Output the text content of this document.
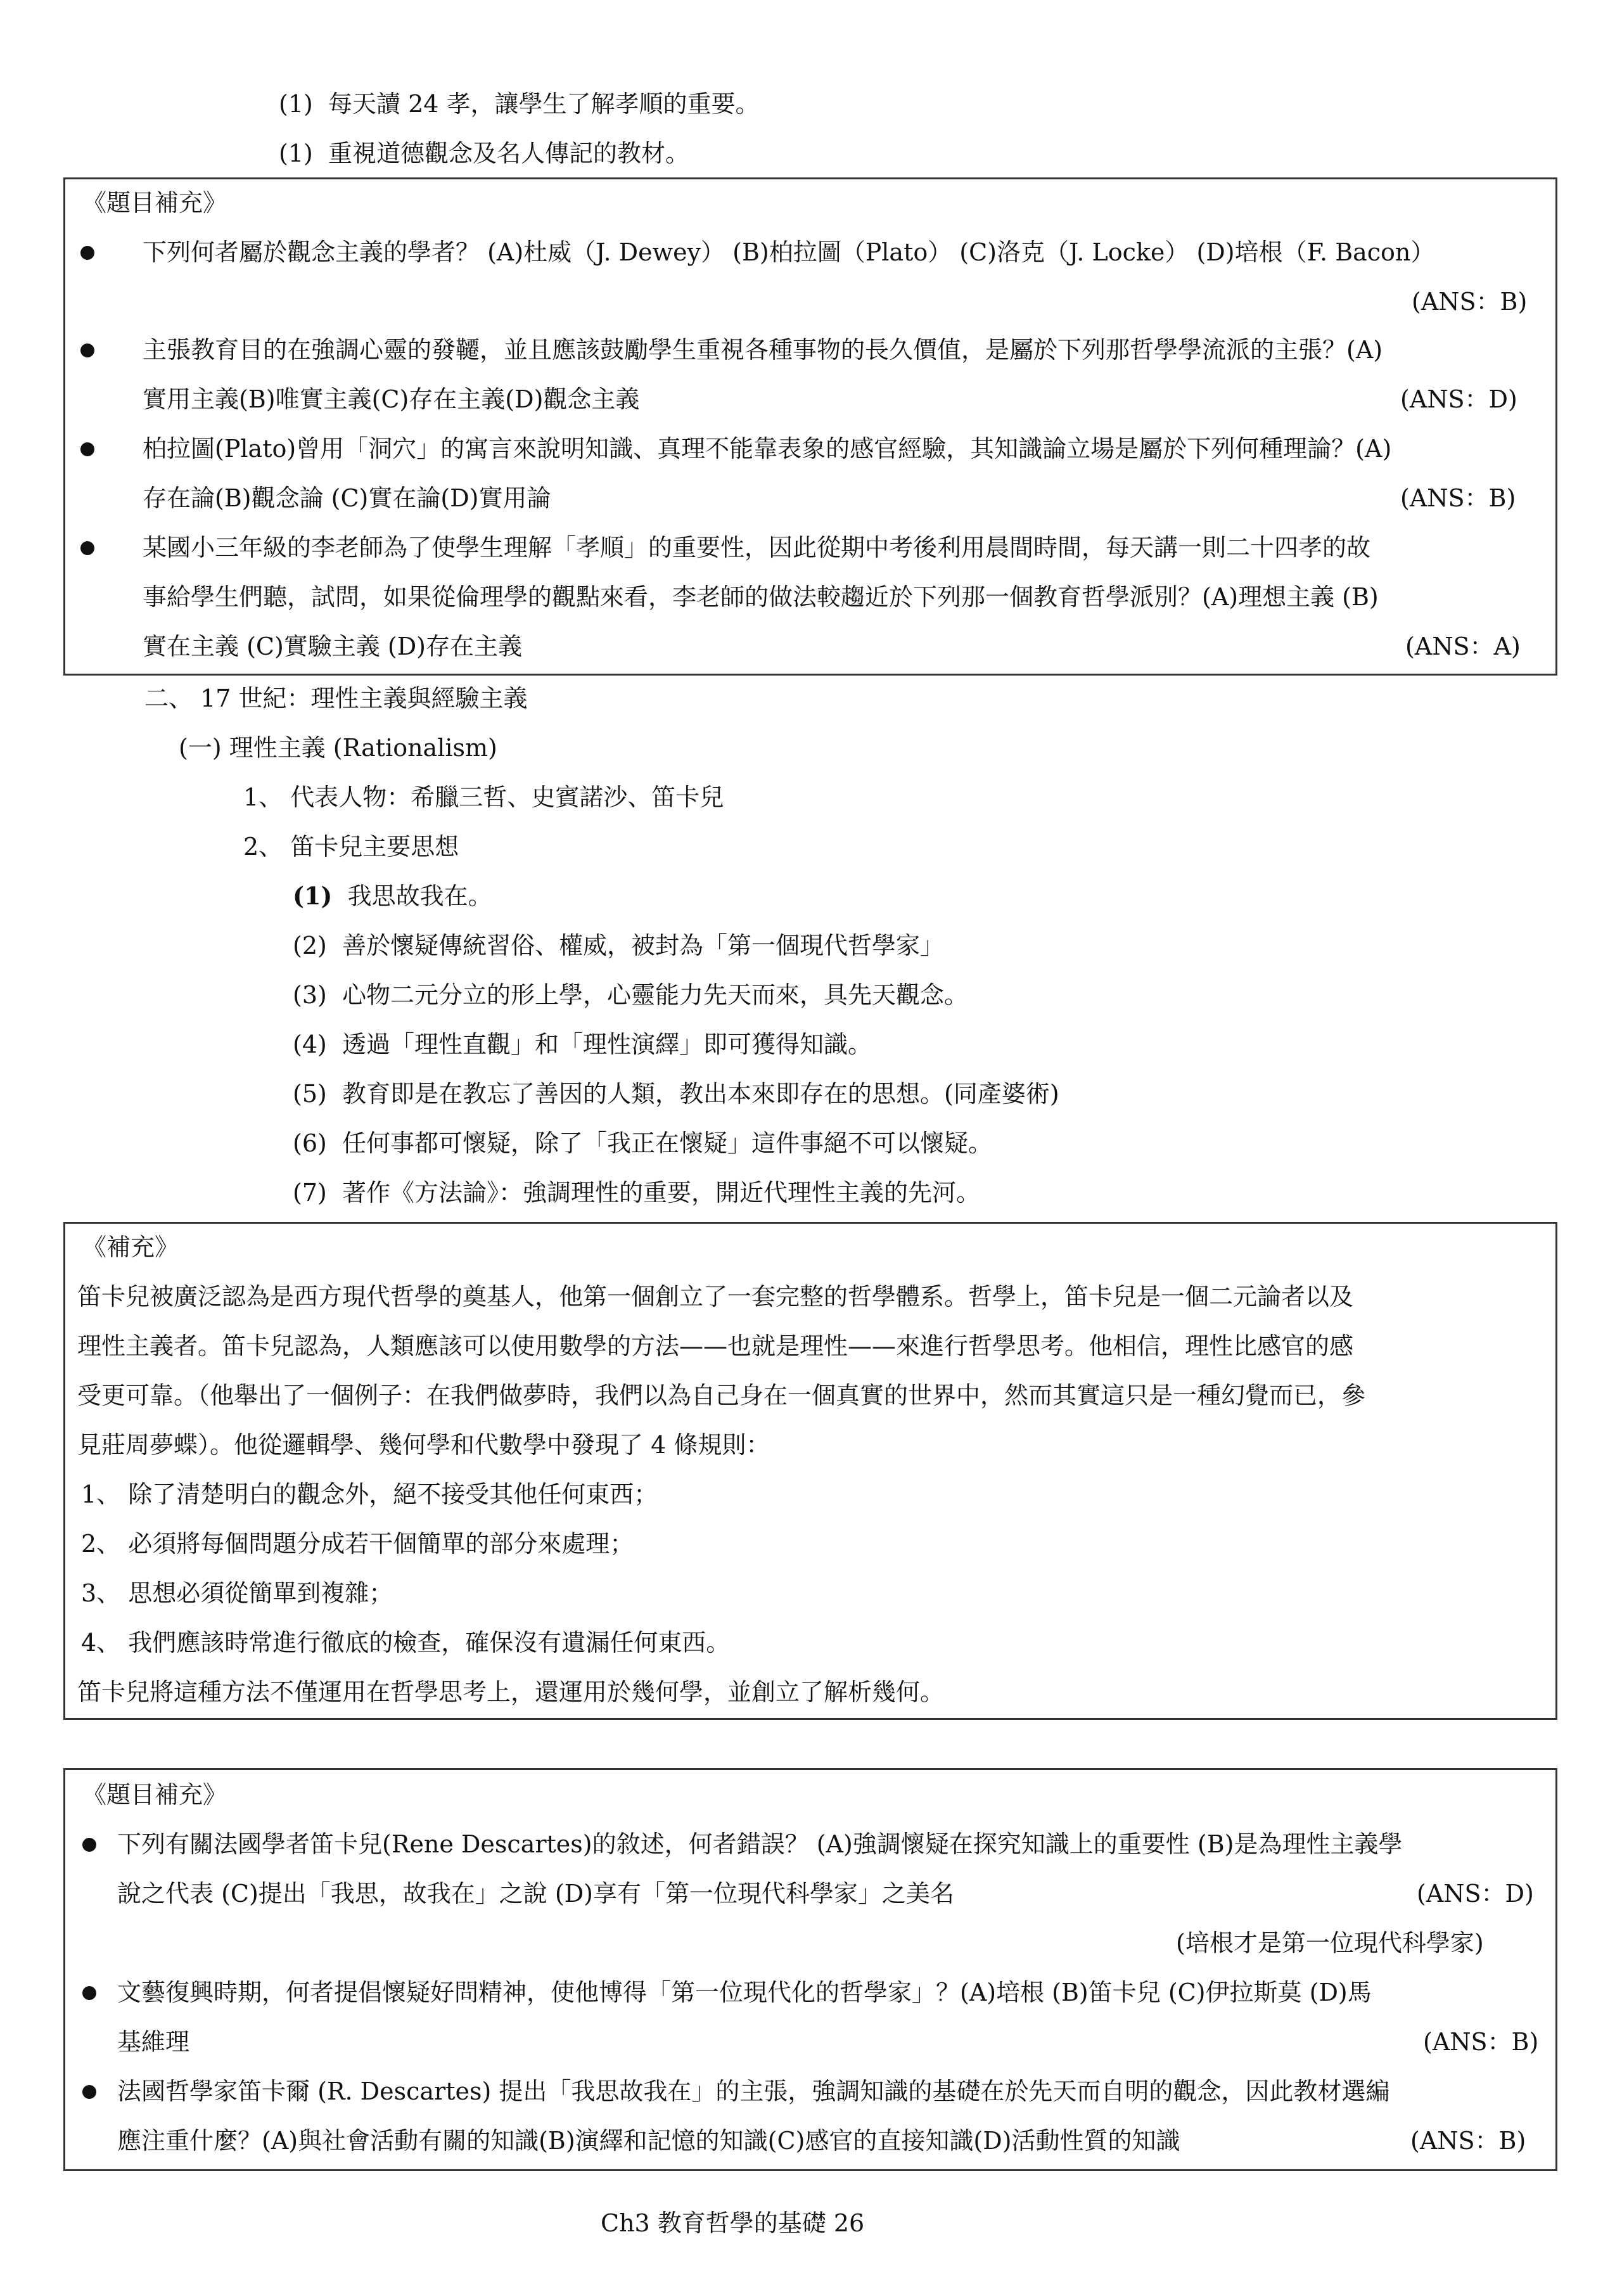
(1) 每天讀 24 孝，讓學生了解孝順的重要。
(1) 重視道德觀念及名人傳記的教材。
《題目補充》
下列何者屬於觀念主義的學者？ (A)杜威（J. Dewey） (B)柏拉圖（Plato） (C)洛克（J. Locke） (D)培根（F. Bacon）
(ANS：B)
主張教育目的在強調心靈的發韆，並且應該鼓勵學生重視各種事物的長久價值，是屬於下列那哲學學流派的主張？(A)
實用主義(B)唯實主義(C)存在主義(D)觀念主義	(ANS：D)
柏拉圖(Plato)曾用「洞穴」的寓言來說明知識、真理不能靠表象的感官經驗，其知識論立場是屬於下列何種理論？(A)
存在論(B)觀念論 (C)實在論(D)實用論	(ANS：B)
某國小三年級的李老師為了使學生理解「孝順」的重要性，因此從期中考後利用晨間時間，每天講一則二十四孝的故
事給學生們聽，試問，如果從倫理學的觀點來看，李老師的做法較趨近於下列那一個教育哲學派別？(A)理想主義 (B)
實在主義 (C)實驗主義 (D)存在主義	(ANS：A)
二、 17 世紀：理性主義與經驗主義
(一) 理性主義 (Rationalism)
1、 代表人物：希臘三哲、史賓諾沙、笛卡兒
2、 笛卡兒主要思想
(1) 我思故我在。
(2) 善於懷疑傳統習俗、權威，被封為「第一個現代哲學家」
(3) 心物二元分立的形上學，心靈能力先天而來，具先天觀念。
(4) 透過「理性直觀」和「理性演繹」即可獲得知識。
(5) 教育即是在教忘了善因的人類，教出本來即存在的思想。(同產婆術)
(6) 任何事都可懷疑，除了「我正在懷疑」這件事絕不可以懷疑。
(7) 著作《方法論》：強調理性的重要，開近代理性主義的先河。
《補充》
笛卡兒被廣泛認為是西方現代哲學的奠基人，他第一個創立了一套完整的哲學體系。哲學上，笛卡兒是一個二元論者以及
理性主義者。笛卡兒認為，人類應該可以使用數學的方法——也就是理性——來進行哲學思考。他相信，理性比感官的感
受更可靠。（他舉出了一個例子：在我們做夢時，我們以為自己身在一個真實的世界中，然而其實這只是一種幻覺而已，參
見莊周夢蝶）。他從邏輯學、幾何學和代數學中發現了 4 條規則：
1、 除了清楚明白的觀念外，絕不接受其他任何東西；
2、 必須將每個問題分成若干個簡單的部分來處理；
3、 思想必須從簡單到複雜；
4、 我們應該時常進行徹底的檢查，確保沒有遺漏任何東西。
笛卡兒將這種方法不僅運用在哲學思考上，還運用於幾何學，並創立了解析幾何。
《題目補充》
下列有關法國學者笛卡兒(Rene Descartes)的敘述，何者錯誤？ (A)強調懷疑在探究知識上的重要性 (B)是為理性主義學
說之代表 (C)提出「我思，故我在」之說 (D)享有「第一位現代科學家」之美名	(ANS：D)
(培根才是第一位現代科學家)
文藝復興時期，何者提倡懷疑好問精神，使他博得「第一位現代化的哲學家」？(A)培根 (B)笛卡兒 (C)伊拉斯莫 (D)馬
基維理	(ANS：B)
法國哲學家笛卡爾 (R. Descartes) 提出「我思故我在」的主張，強調知識的基礎在於先天而自明的觀念，因此教材選編
應注重什麼？(A)與社會活動有關的知識(B)演繹和記憶的知識(C)感官的直接知識(D)活動性質的知識	(ANS：B)
Ch3 教育哲學的基礎 26
